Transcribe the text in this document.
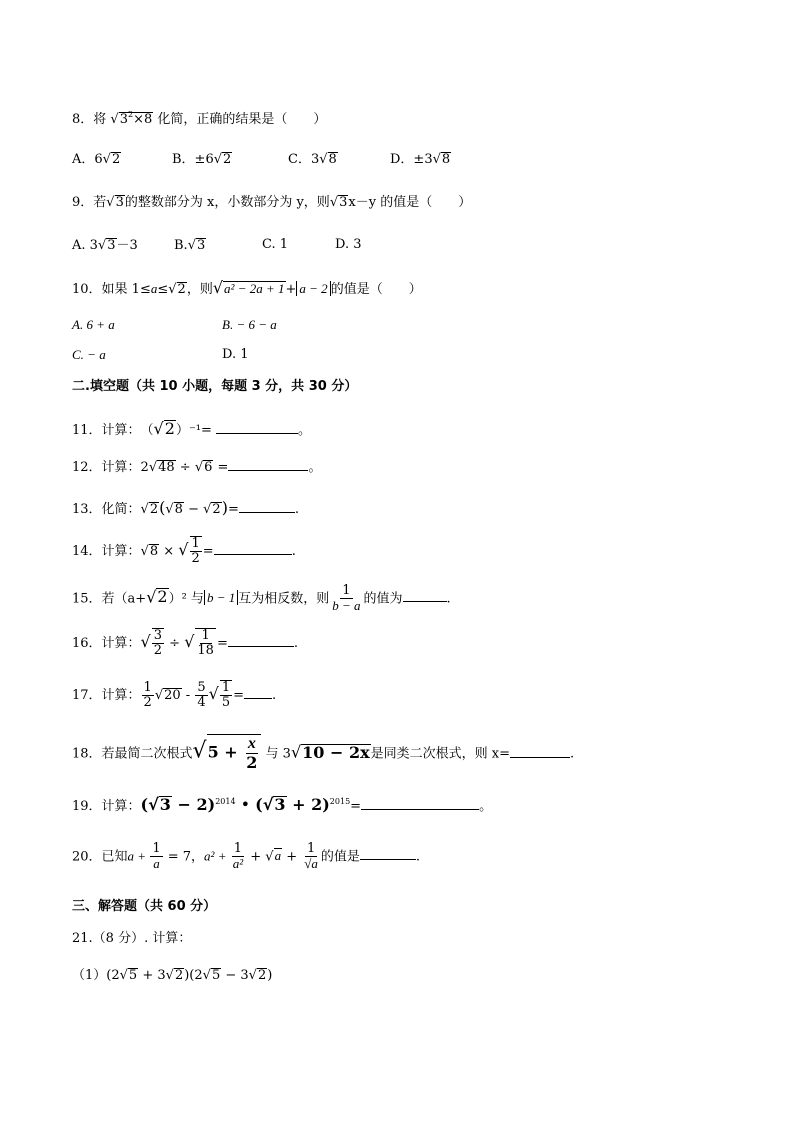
8．将 $√3^2\times 8$ 化简，正确的结果是（　　）
A．6√2	B．±6√2	C．3√8	D．±3√8
9．若√3的整数部分为 x，小数部分为 y，则√3x－y 的值是（　　）
A. 3√3－3	B.√3	C. 1	D. 3
10．如果 1≤a≤√2，则√a² − 2a + 1+ a − 2 的值是（　　）
A. 6 + a	B. − 6 − a
C. − a	D. 1
二.填空题（共 10 小题，每题 3 分，共 30 分）
11．计算：　（√2）⁻¹=	。
12．计算：2√48 ÷ √6 =	。
13．化简：√2(√8 − √2)=	.
14．计算：√8 × √ $\frac{1}{2}$ =	.
15．若（a+√2）² 与 b − 1 互为相反数，则 $\frac{1}{b - a}$ 的值为	.
16．计算：√ $\frac{3}{2}$ ÷ √ $\frac{1}{18}$ =	.
17．计算： $\frac{1}{2} √20 - \frac{5}{4}$ √ $\frac{1}{5}$ = .
18．若最简二次根式$√5 + \frac{x}{2}$ 与 3√10 − 2x是同类二次根式，则 x=	.
19．计算：$(√3 - 2)^{2014}$ • $(√3 + 2)^{2015}=$	。
20．已知$a + \frac{1}{a} = 7$，$a^2 + \frac{1}{\text{a²}} + √a + \frac{1}{√a}$ 的值是	.
三、解答题（共 60 分）
21.（8 分）. 计算：
（1）(2√5 + 3√2)(2√5 − 3√2)
